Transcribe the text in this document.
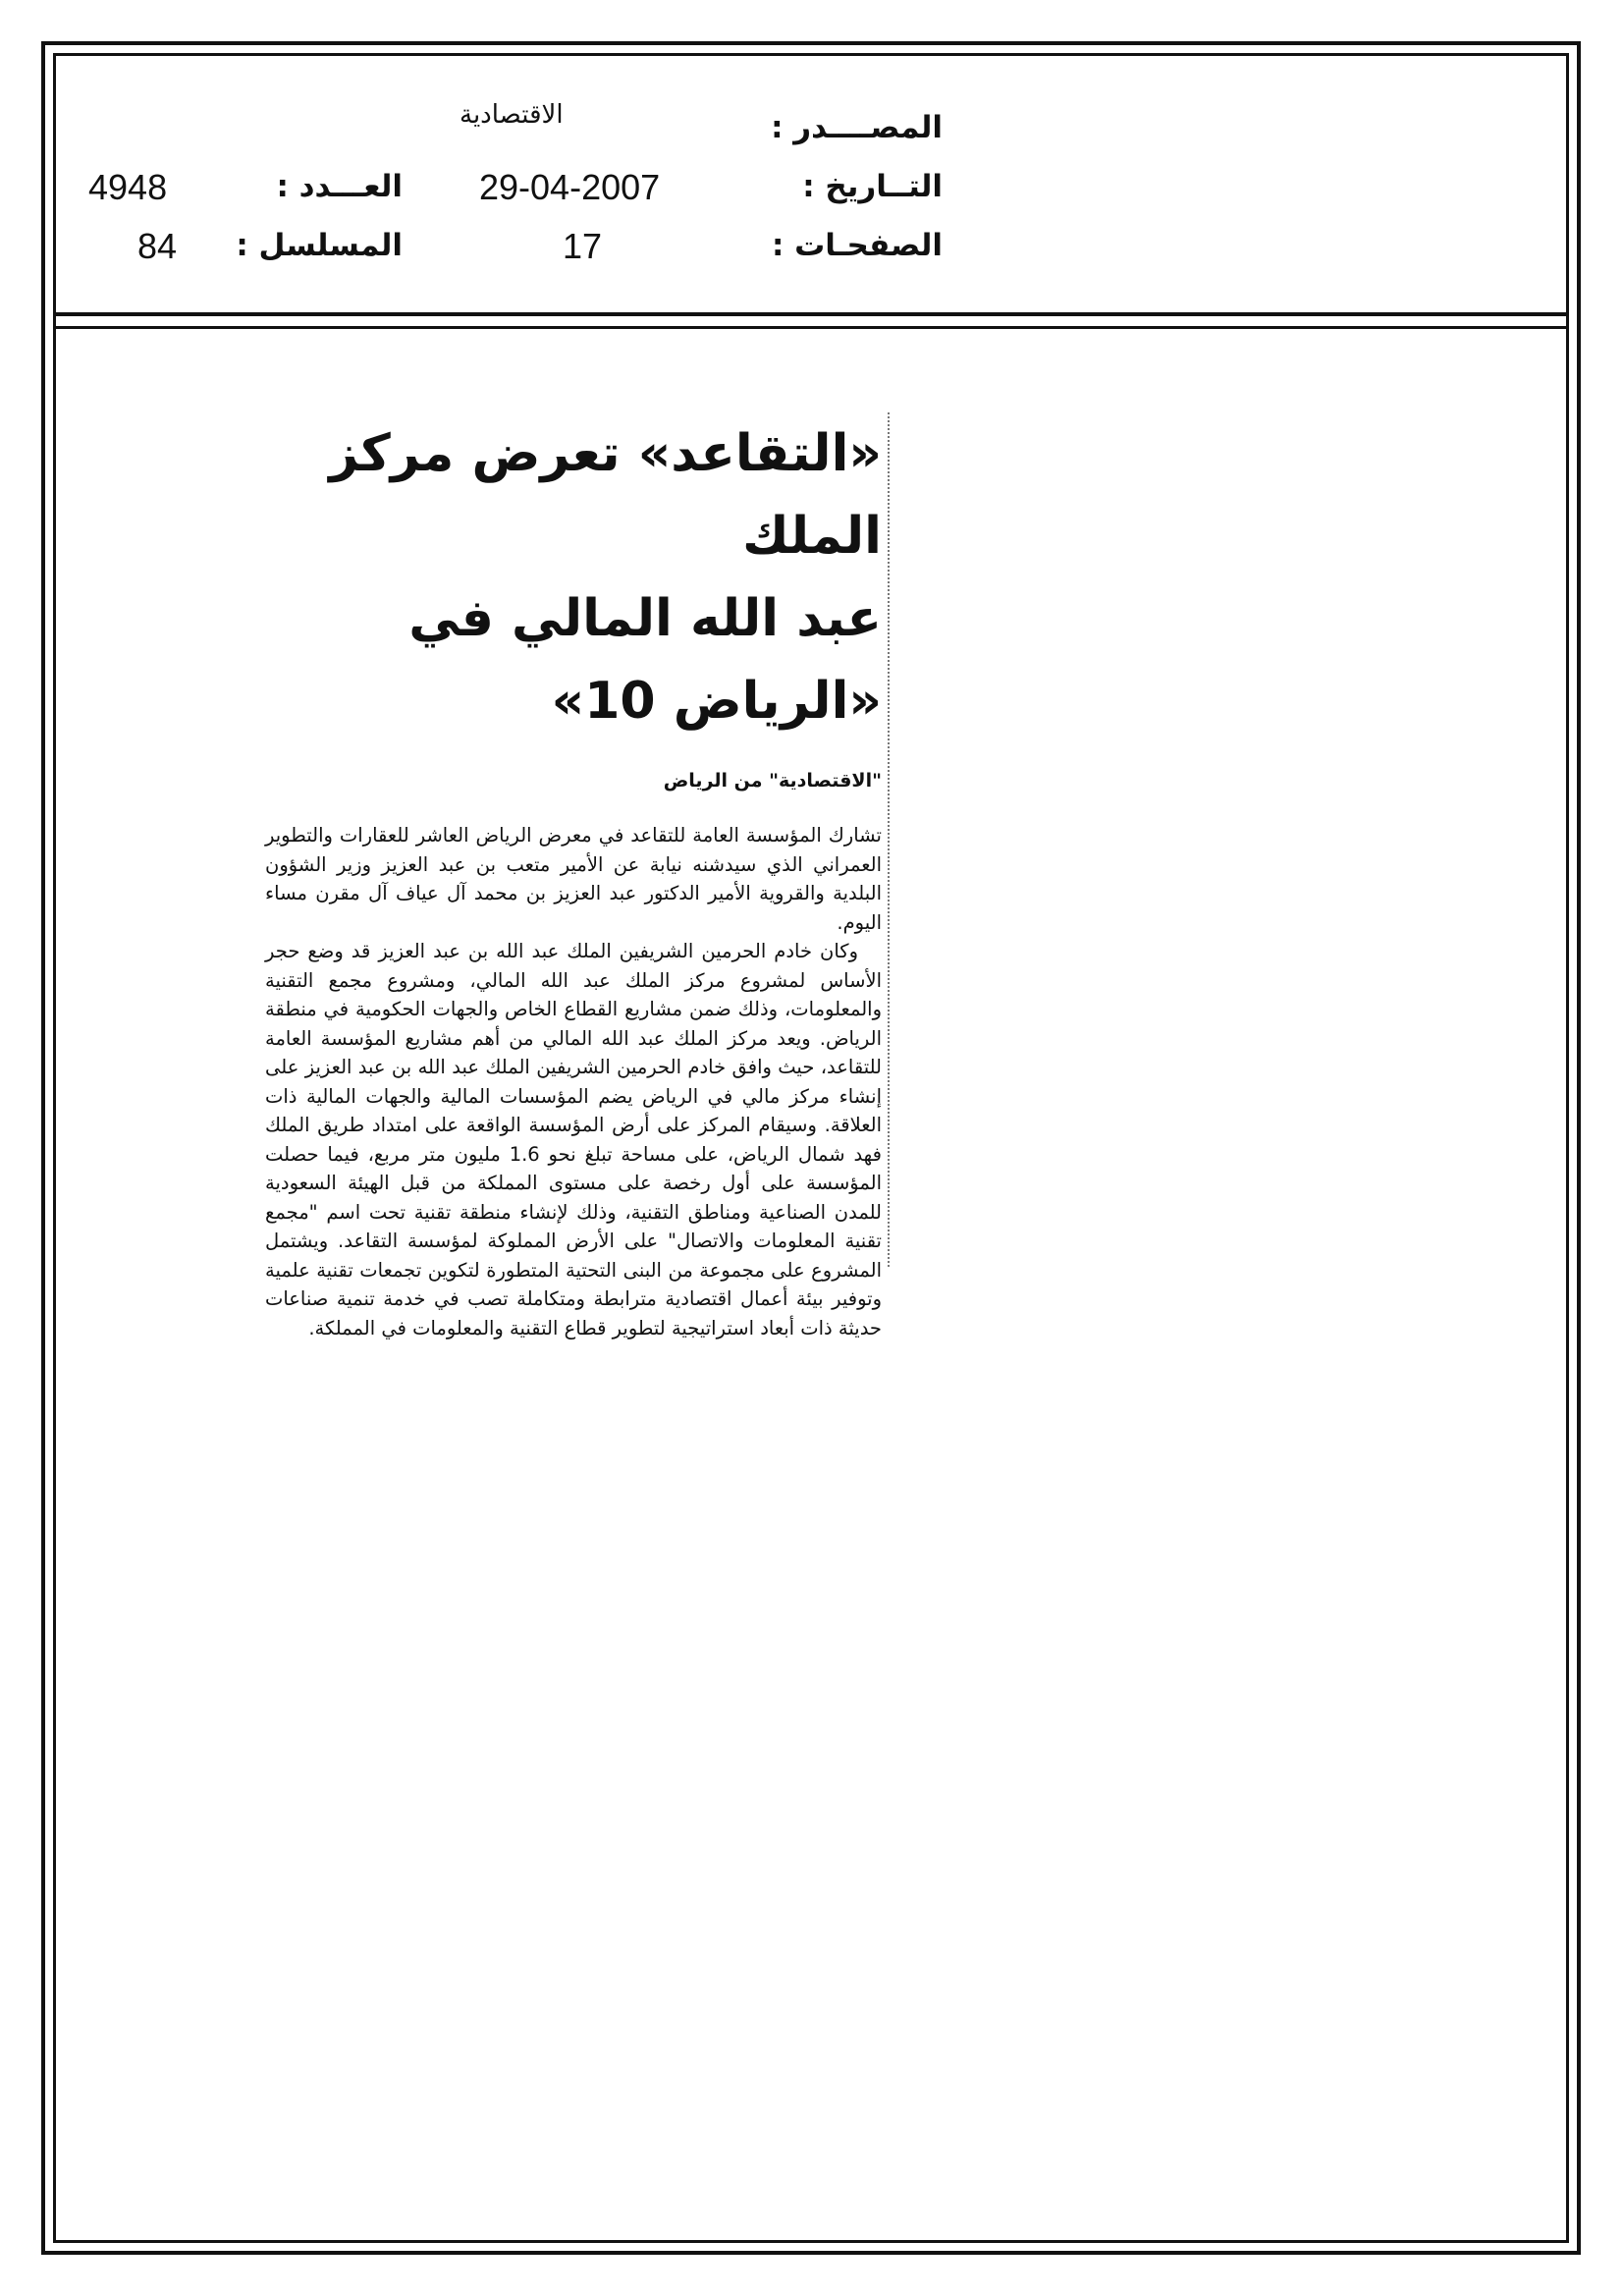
المصــــدر :
الاقتصادية
التــاريخ :
29-04-2007
الصفحـات :
17
العـــدد :
4948
المسلسل :
84
«التقاعد» تعرض مركز الملك
عبد الله المالي في «الرياض 10»
"الاقتصادية" من الرياض

تشارك المؤسسة العامة للتقاعد في معرض الرياض العاشر للعقارات والتطوير العمراني الذي سيدشنه نيابة عن الأمير متعب بن عبد العزيز وزير الشؤون البلدية والقروية الأمير الدكتور عبد العزيز بن محمد آل عياف آل مقرن مساء اليوم.

وكان خادم الحرمين الشريفين الملك عبد الله بن عبد العزيز قد وضع حجر الأساس لمشروع مركز الملك عبد الله المالي، ومشروع مجمع التقنية والمعلومات، وذلك ضمن مشاريع القطاع الخاص والجهات الحكومية في منطقة الرياض. ويعد مركز الملك عبد الله المالي من أهم مشاريع المؤسسة العامة للتقاعد، حيث وافق خادم الحرمين الشريفين الملك عبد الله بن عبد العزيز على إنشاء مركز مالي في الرياض يضم المؤسسات المالية والجهات المالية ذات العلاقة. وسيقام المركز على أرض المؤسسة الواقعة على امتداد طريق الملك فهد شمال الرياض، على مساحة تبلغ نحو 1.6 مليون متر مربع، فيما حصلت المؤسسة على أول رخصة على مستوى المملكة من قبل الهيئة السعودية للمدن الصناعية ومناطق التقنية، وذلك لإنشاء منطقة تقنية تحت اسم "مجمع تقنية المعلومات والاتصال" على الأرض المملوكة لمؤسسة التقاعد. ويشتمل المشروع على مجموعة من البنى التحتية المتطورة لتكوين تجمعات تقنية علمية وتوفير بيئة أعمال اقتصادية مترابطة ومتكاملة تصب في خدمة تنمية صناعات حديثة ذات أبعاد استراتيجية لتطوير قطاع التقنية والمعلومات في المملكة.
